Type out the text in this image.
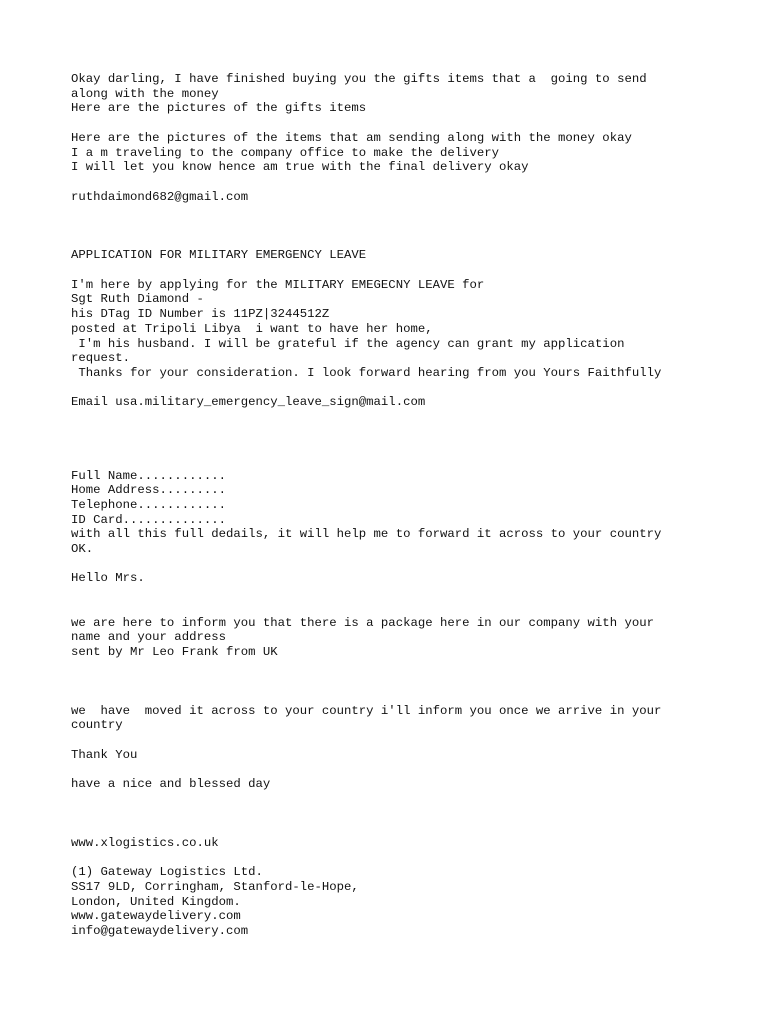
Okay darling, I have finished buying you the gifts items that a  going to send
along with the money
Here are the pictures of the gifts items
Here are the pictures of the items that am sending along with the money okay
I a m traveling to the company office to make the delivery
I will let you know hence am true with the final delivery okay
ruthdaimond682@gmail.com
APPLICATION FOR MILITARY EMERGENCY LEAVE
I'm here by applying for the MILITARY EMEGECNY LEAVE for
Sgt Ruth Diamond -
his DTag ID Number is 11PZ|3244512Z
posted at Tripoli Libya  i want to have her home,
I'm his husband. I will be grateful if the agency can grant my application
request.
Thanks for your consideration. I look forward hearing from you Yours Faithfully
Email usa.military_emergency_leave_sign@mail.com
Full Name............
Home Address.........
Telephone............
ID Card..............
with all this full dedails, it will help me to forward it across to your country
OK.
Hello Mrs.
we are here to inform you that there is a package here in our company with your
name and your address
sent by Mr Leo Frank from UK
we  have  moved it across to your country i'll inform you once we arrive in your
country
Thank You
have a nice and blessed day
www.xlogistics.co.uk
(1) Gateway Logistics Ltd.
SS17 9LD, Corringham, Stanford-le-Hope,
London, United Kingdom.
www.gatewaydelivery.com
info@gatewaydelivery.com
